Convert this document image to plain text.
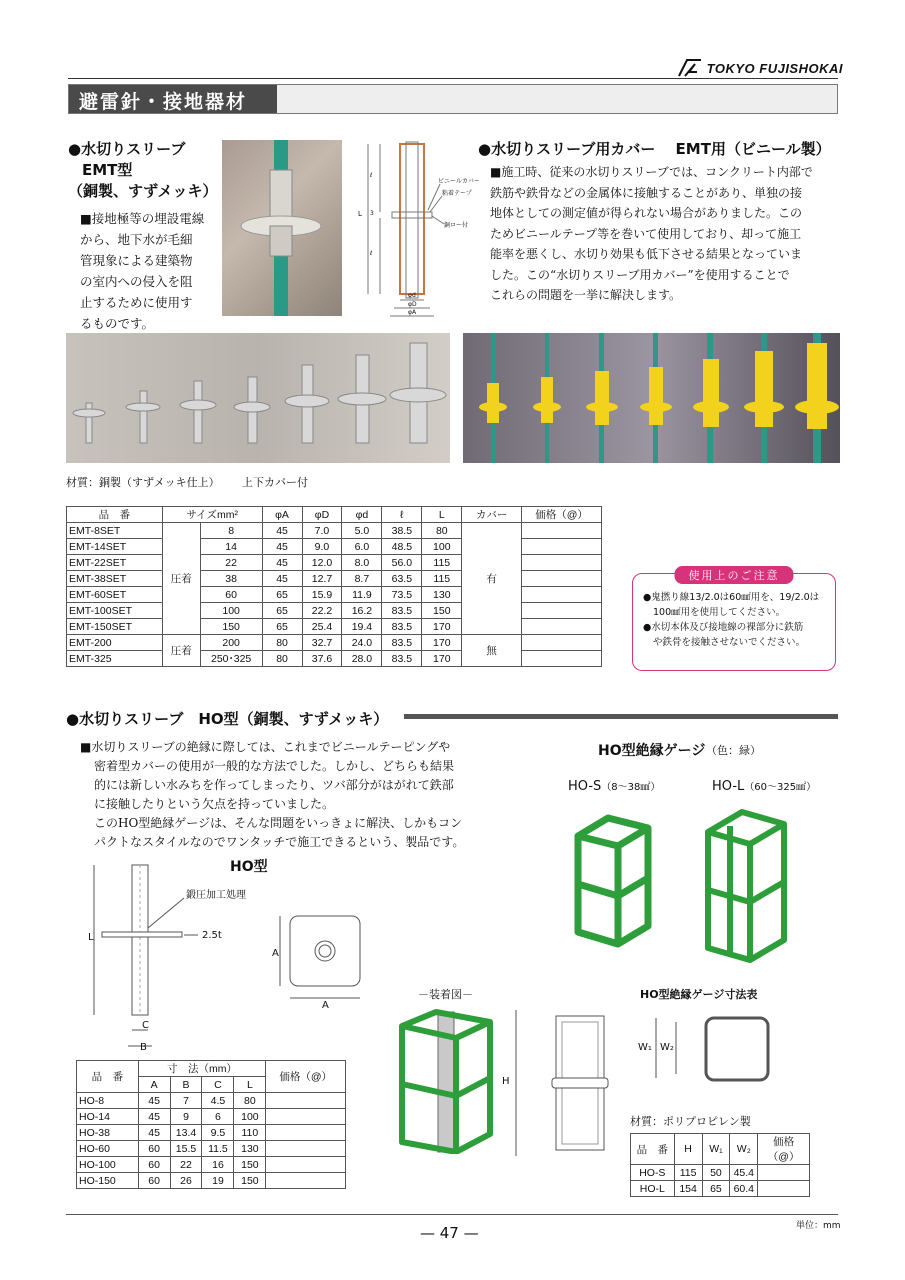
TOKYO FUJISHOKAI
避雷針・接地器材
●水切りスリーブ
EMT型
（銅製、すずメッキ）
■接地極等の埋設電線
から、地下水が毛細
管現象による建築物
の室内への侵入を阻
止するために使用す
るものです。
ビニールカバー
粘着テープ
銅ロー付
L
ℓ
3
ℓ
φd
φD
φA
●水切りスリーブ用カバー　 EMT用（ビニール製）
■施工時、従来の水切りスリーブでは、コンクリート内部で
鉄筋や鉄骨などの金属体に接触することがあり、単独の接
地体としての測定値が得られない場合がありました。この
ためビニールテープ等を巻いて使用しており、却って施工
能率を悪くし、水切り効果も低下させる結果となっていま
した。この“水切りスリーブ用カバー”を使用することで
これらの問題を一挙に解決します。
材質：銅製（すずメッキ仕上） 上下カバー付
品　番	サイズmm²		φA	φD	φd	ℓ	L	カバー	価格（@）
EMT-8SET	圧着	8	45	7.0	5.0	38.5	80	有	
EMT-14SET		14	45	9.0	6.0	48.5	100		
EMT-22SET		22	45	12.0	8.0	56.0	115		
EMT-38SET		38	45	12.7	8.7	63.5	115		
EMT-60SET		60	65	15.9	11.9	73.5	130		
EMT-100SET		100	65	22.2	16.2	83.5	150		
EMT-150SET		150	65	25.4	19.4	83.5	170		
EMT-200	圧着	200	80	32.7	24.0	83.5	170	無	
EMT-325		250･325	80	37.6	28.0	83.5	170		
使用上のご注意
●鬼撚り線13/2.0は60㎟用を、19/2.0は
100㎟用を使用してください。
●水切本体及び接地線の裸部分に鉄筋
や鉄骨を接触させないでください。
●水切りスリーブ　HO型（銅製、すずメッキ）
■水切りスリーブの絶縁に際しては、これまでビニールテーピングや
密着型カバーの使用が一般的な方法でした。しかし、どちらも結果
的には新しい水みちを作ってしまったり、ツバ部分がはがれて鉄部
に接触したりという欠点を持っていました。
このHO型絶縁ゲージは、そんな問題をいっきょに解決、しかもコン
パクトなスタイルなのでワンタッチで施工できるという、製品です。
HO型
鍛圧加工処理
L	2.5t
C
B
A
A
品　番	寸　法（mm）				価格（@）
	A	B	C	L	
HO-8	45	7	4.5	80	
HO-14	45	9	6	100	
HO-38	45	13.4	9.5	110	
HO-60	60	15.5	11.5	130	
HO-100	60	22	16	150	
HO-150	60	26	19	150	
HO型絶縁ゲージ （色：緑）
HO-S（8〜38㎟）	HO-L（60〜325㎟）
－装着図－
H
HO型絶縁ゲージ寸法表
W₁ W₂
材質：ポリプロピレン製
品　番	H	W₁	W₂	価格（@）
HO-S	115	50	45.4	
HO-L	154	65	60.4	
— 47 —	単位：mm
